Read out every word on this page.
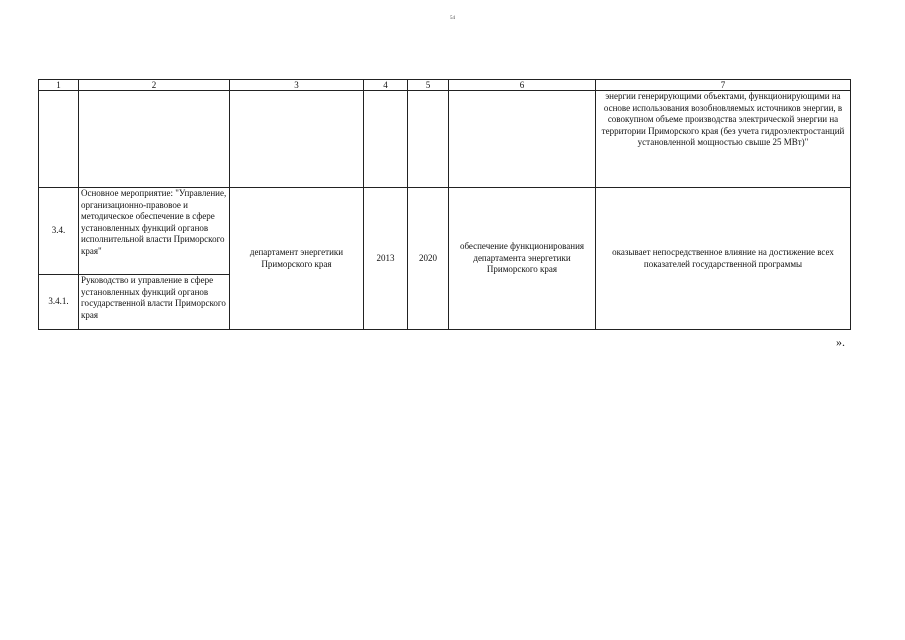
54
1	2	3	4	5	6	7
						энергии генерирующими объектами, функционирующими на основе использования возобновляемых источников энергии, в совокупном объеме производства электрической энергии на территории Приморского края (без учета гидроэлектростанций установленной мощностью свыше 25 МВт)"
3.4.	Основное мероприятие: "Управление, организационно-правовое и методическое обеспечение в сфере установленных функций органов исполнительной власти Приморского края"	департамент энергетики Приморского края	2013	2020	обеспечение функционирования департамента энергетики Приморского края	оказывает непосредственное влияние на достижение всех показателей государственной программы
3.4.1.	Руководство и управление в сфере установленных функций органов государственной власти Приморского края					
».
